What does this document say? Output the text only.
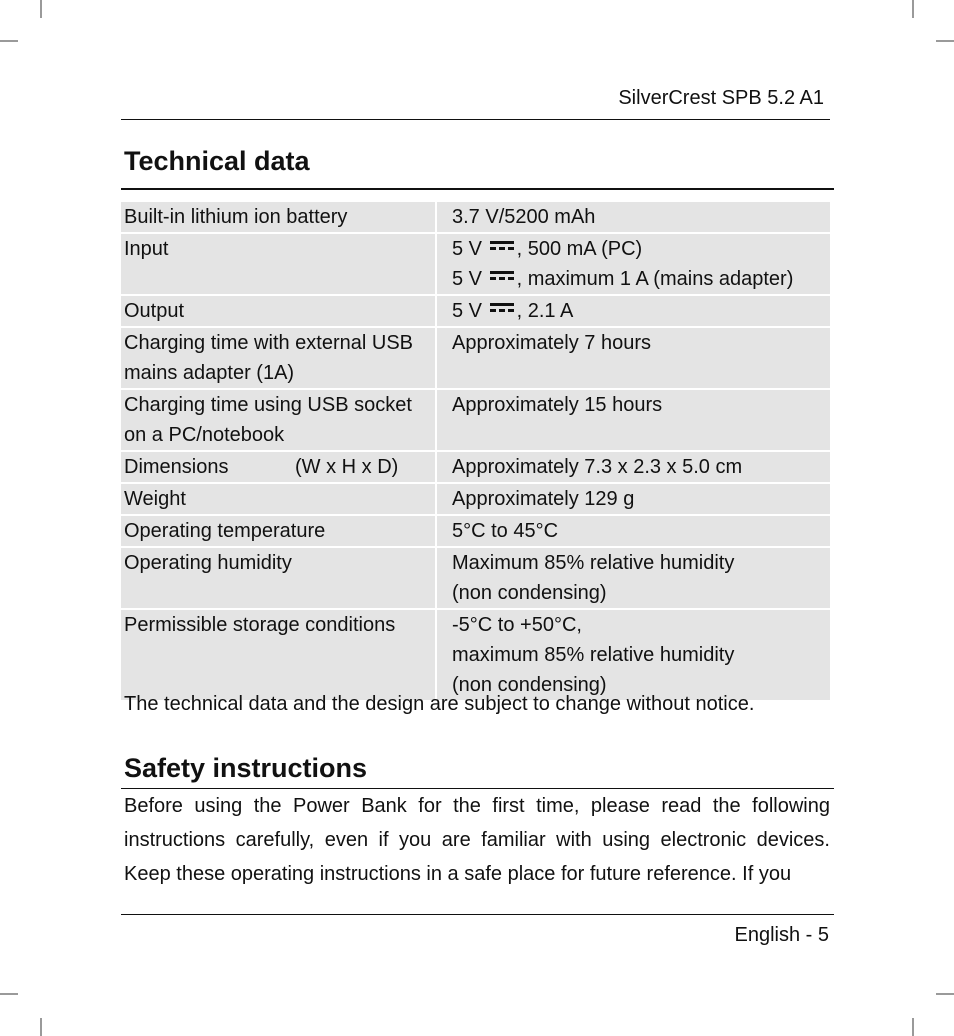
SilverCrest SPB 5.2 A1
Technical data
Built-in lithium ion battery	3.7 V/5200 mAh

Input	5 V , 500 mA (PC)
5 V , maximum 1 A (mains adapter)

Output	5 V , 2.1 A

Charging time with external USB mains adapter (1A)	Approximately 7 hours

Charging time using USB socket on a PC/notebook	Approximately 15 hours

Dimensions (W x H x D)	Approximately 7.3 x 2.3 x 5.0 cm

Weight	Approximately 129 g

Operating temperature	5°C to 45°C

Operating humidity	Maximum 85% relative humidity
(non condensing)

Permissible storage conditions	-5°C to +50°C,
maximum 85% relative humidity
(non condensing)
The technical data and the design are subject to change without notice.
Safety instructions
Before using the Power Bank for the first time, please read the following instructions carefully, even if you are familiar with using electronic devices. Keep these operating instructions in a safe place for future reference. If you
English - 5
